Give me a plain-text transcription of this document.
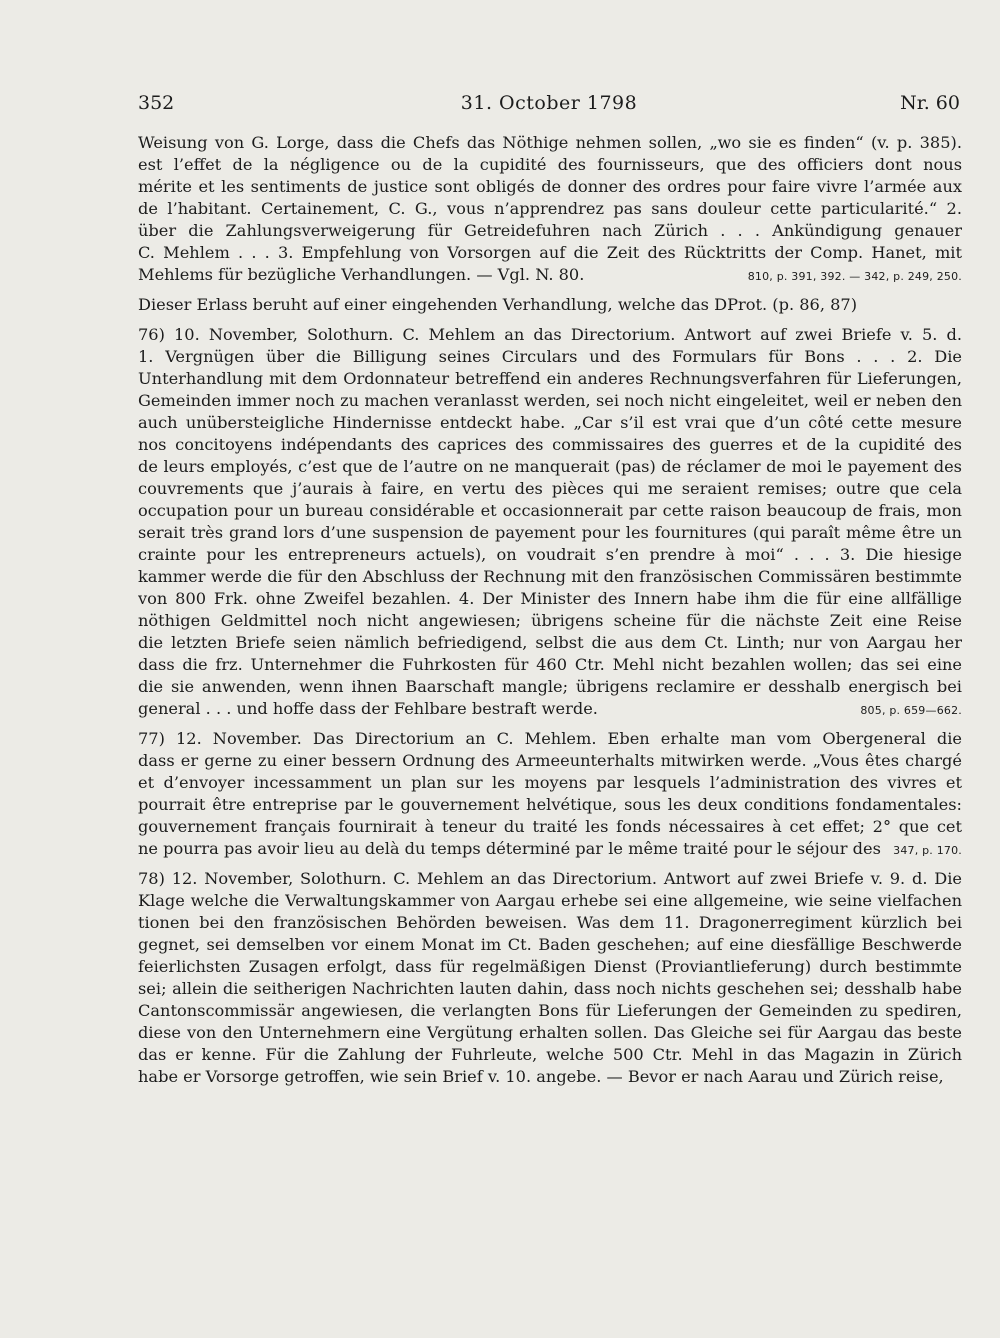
352	31. October 1798	Nr. 60
Weisung von G. Lorge, dass die Chefs das Nöthige nehmen sollen, „wo sie es finden“ (v. p. 385).
est l’effet de la négligence ou de la cupidité des fournisseurs, que des officiers dont nous
mérite et les sentiments de justice sont obligés de donner des ordres pour faire vivre l’armée aux
de l’habitant. Certainement, C. G., vous n’apprendrez pas sans douleur cette particularité.“ 2.
über die Zahlungsverweigerung für Getreidefuhren nach Zürich . . . Ankündigung genauer
C. Mehlem . . . 3. Empfehlung von Vorsorgen auf die Zeit des Rücktritts der Comp. Hanet, mit
810, p. 391, 392. — 342, p. 249, 250.
Mehlems für bezügliche Verhandlungen. — Vgl. N. 80.
Dieser Erlass beruht auf einer eingehenden Verhandlung, welche das DProt. (p. 86, 87)
76) 10. November, Solothurn. C. Mehlem an das Directorium. Antwort auf zwei Briefe v. 5. d.
1. Vergnügen über die Billigung seines Circulars und des Formulars für Bons . . . 2. Die
Unterhandlung mit dem Ordonnateur betreffend ein anderes Rechnungsverfahren für Lieferungen,
Gemeinden immer noch zu machen veranlasst werden, sei noch nicht eingeleitet, weil er neben den
auch unübersteigliche Hindernisse entdeckt habe. „Car s’il est vrai que d’un côté cette mesure
nos concitoyens indépendants des caprices des commissaires des guerres et de la cupidité des
de leurs employés, c’est que de l’autre on ne manquerait (pas) de réclamer de moi le payement des
couvrements que j’aurais à faire, en vertu des pièces qui me seraient remises; outre que cela
occupation pour un bureau considérable et occasionnerait par cette raison beaucoup de frais, mon
serait très grand lors d’une suspension de payement pour les fournitures (qui paraît même être un
crainte pour les entrepreneurs actuels), on voudrait s’en prendre à moi“ . . . 3. Die hiesige
kammer werde die für den Abschluss der Rechnung mit den französischen Commissären bestimmte
von 800 Frk. ohne Zweifel bezahlen. 4. Der Minister des Innern habe ihm die für eine allfällige
nöthigen Geldmittel noch nicht angewiesen; übrigens scheine für die nächste Zeit eine Reise
die letzten Briefe seien nämlich befriedigend, selbst die aus dem Ct. Linth; nur von Aargau her
dass die frz. Unternehmer die Fuhrkosten für 460 Ctr. Mehl nicht bezahlen wollen; das sei eine
die sie anwenden, wenn ihnen Baarschaft mangle; übrigens reclamire er desshalb energisch bei
805, p. 659—662.
general . . . und hoffe dass der Fehlbare bestraft werde.
77) 12. November. Das Directorium an C. Mehlem. Eben erhalte man vom Obergeneral die
dass er gerne zu einer bessern Ordnung des Armeeunterhalts mitwirken werde. „Vous êtes chargé
et d’envoyer incessamment un plan sur les moyens par lesquels l’administration des vivres et
pourrait être entreprise par le gouvernement helvétique, sous les deux conditions fondamentales:
gouvernement français fournirait à teneur du traité les fonds nécessaires à cet effet; 2° que cet
347, p. 170.
ne pourra pas avoir lieu au delà du temps déterminé par le même traité pour le séjour des
78) 12. November, Solothurn. C. Mehlem an das Directorium. Antwort auf zwei Briefe v. 9. d. Die
Klage welche die Verwaltungskammer von Aargau erhebe sei eine allgemeine, wie seine vielfachen
tionen bei den französischen Behörden beweisen. Was dem 11. Dragonerregiment kürzlich bei
gegnet, sei demselben vor einem Monat im Ct. Baden geschehen; auf eine diesfällige Beschwerde
feierlichsten Zusagen erfolgt, dass für regelmäßigen Dienst (Proviantlieferung) durch bestimmte
sei; allein die seitherigen Nachrichten lauten dahin, dass noch nichts geschehen sei; desshalb habe
Cantonscommissär angewiesen, die verlangten Bons für Lieferungen der Gemeinden zu spediren,
diese von den Unternehmern eine Vergütung erhalten sollen. Das Gleiche sei für Aargau das beste
das er kenne. Für die Zahlung der Fuhrleute, welche 500 Ctr. Mehl in das Magazin in Zürich
habe er Vorsorge getroffen, wie sein Brief v. 10. angebe. — Bevor er nach Aarau und Zürich reise,
